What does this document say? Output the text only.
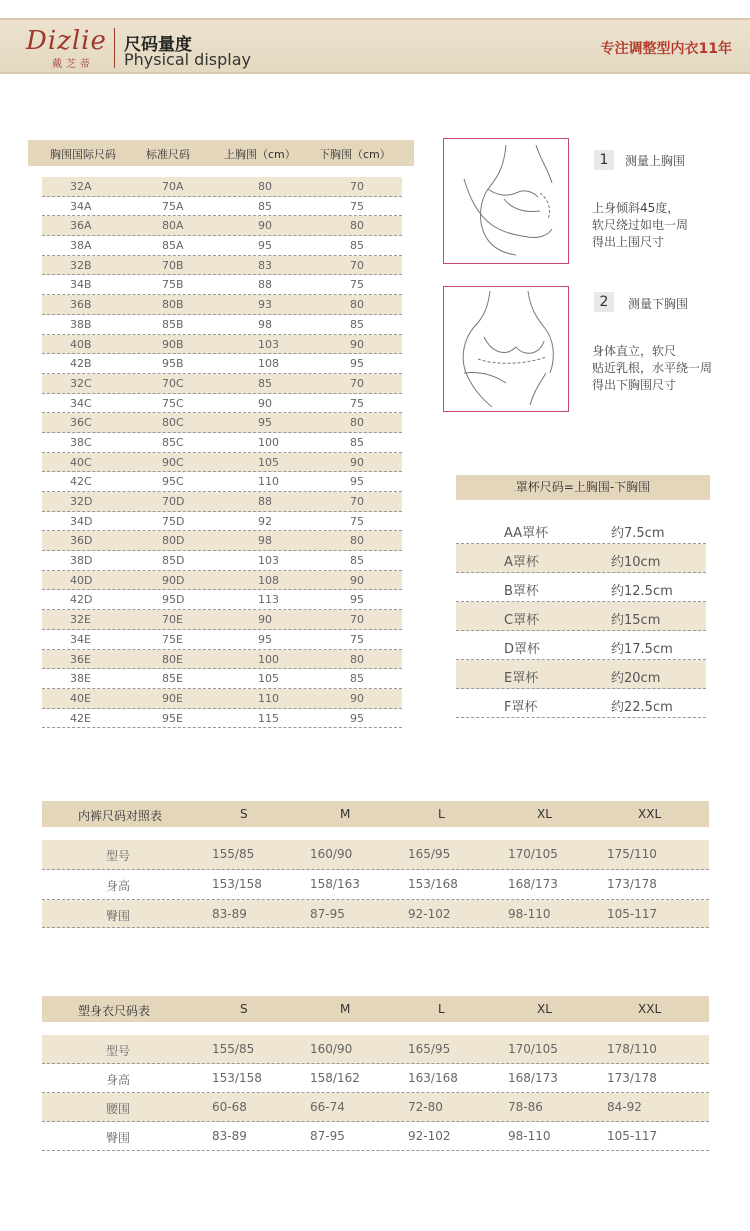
Dizlie
戴芝蒂
尺码量度
Physical display
专注调整型内衣11年
胸围国际尺码	标准尺码	上胸围（cm） 下胸围（cm）
32A	70A	80	70
34A	75A	85	75
36A	80A	90	80
38A	85A	95	85
32B	70B	83	70
34B	75B	88	75
36B	80B	93	80
38B	85B	98	85
40B	90B	103	90
42B	95B	108	95
32C	70C	85	70
34C	75C	90	75
36C	80C	95	80
38C	85C	100	85
40C	90C	105	90
42C	95C	110	95
32D	70D	88	70
34D	75D	92	75
36D	80D	98	80
38D	85D	103	85
40D	90D	108	90
42D	95D	113	95
32E	70E	90	70
34E	75E	95	75
36E	80E	100	80
38E	85E	105	85
40E	90E	110	90
42E	95E	115	95
1	测量上胸围
上身倾斜45度，
软尺绕过如电一周
得出上围尺寸
2	测量下胸围
身体直立，软尺
贴近乳根，水平绕一周
得出下胸围尺寸
罩杯尺码=上胸围-下胸围
AA罩杯	约7.5cm
A罩杯	约10cm
B罩杯	约12.5cm
C罩杯	约15cm
D罩杯	约17.5cm
E罩杯	约20cm
F罩杯	约22.5cm
内裤尺码对照表	S	M	L	XL	XXL
型号	155/85	160/90	165/95	170/105	175/110
身高	153/158	158/163	153/168	168/173	173/178
臀围	83-89	87-95	92-102	98-110	105-117
塑身衣尺码表	S	M	L	XL	XXL
型号	155/85	160/90	165/95	170/105	178/110
身高	153/158	158/162	163/168	168/173	173/178
腰围	60-68	66-74	72-80	78-86	84-92
臀围	83-89	87-95	92-102	98-110	105-117
